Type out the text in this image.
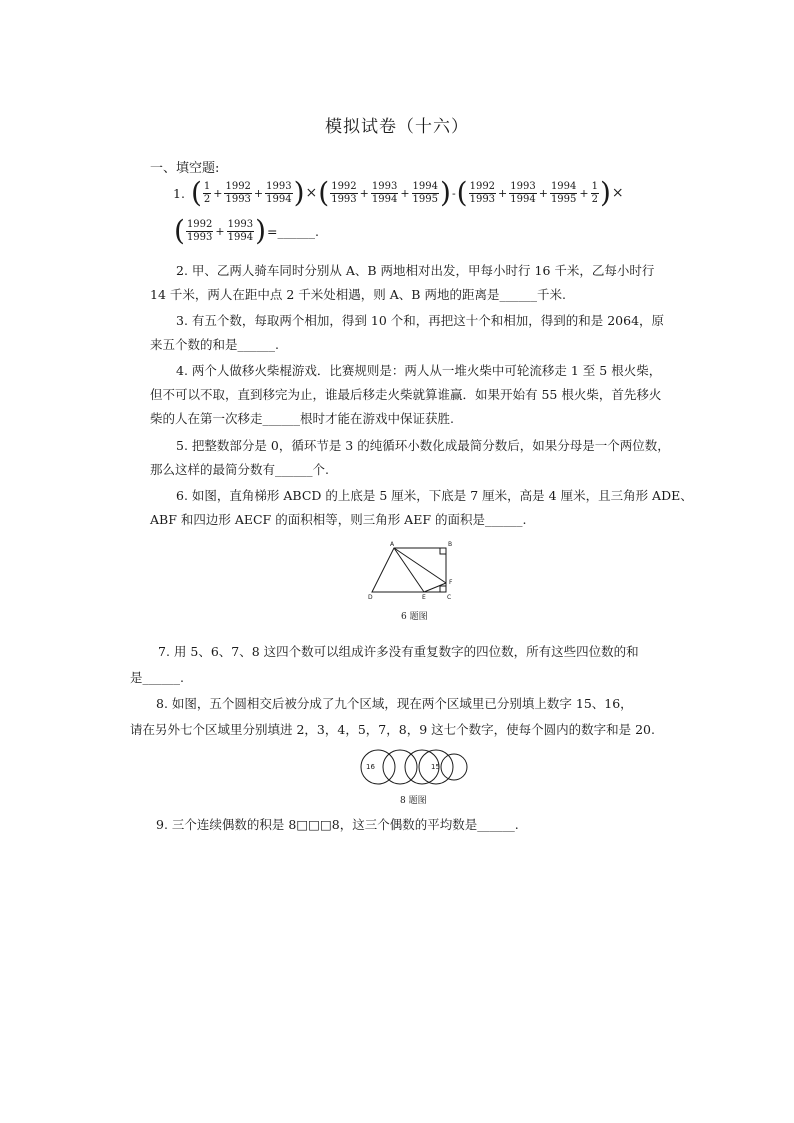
模拟试卷（十六）
一、填空题:
1. ( $\frac{1}{2} + \frac{1992}{1993} + \frac{1993}{1994}$ ) × ( $\frac{1992}{1993} + \frac{1993}{1994} + \frac{1994}{1995}$ ) - ( $\frac{1992}{1993} + \frac{1993}{1994} + \frac{1994}{1995} + \frac{1}{2}$ ) ×
( $\frac{1992}{1993} + \frac{1993}{1994}$ ) =______.
2. 甲、乙两人骑车同时分别从 A、B 两地相对出发，甲每小时行 16 千米，乙每小时行
14 千米，两人在距中点 2 千米处相遇，则 A、B 两地的距离是______千米.
3. 有五个数，每取两个相加，得到 10 个和，再把这十个和相加，得到的和是 2064，原
来五个数的和是______.
4. 两个人做移火柴棍游戏．比赛规则是：两人从一堆火柴中可轮流移走 1 至 5 根火柴，
但不可以不取，直到移完为止，谁最后移走火柴就算谁赢．如果开始有 55 根火柴，首先移火
柴的人在第一次移走______根时才能在游戏中保证获胜.
5. 把整数部分是 0，循环节是 3 的纯循环小数化成最简分数后，如果分母是一个两位数，
那么这样的最简分数有______个.
6. 如图，直角梯形 ABCD 的上底是 5 厘米，下底是 7 厘米，高是 4 厘米，且三角形 ADE、
ABF 和四边形 AECF 的面积相等，则三角形 AEF 的面积是______.
A	B
C
D	E
F
6 题图
7. 用 5、6、7、8 这四个数可以组成许多没有重复数字的四位数，所有这些四位数的和
是______.
8. 如图，五个圆相交后被分成了九个区域，现在两个区域里已分别填上数字 15、16，
请在另外七个区域里分别填进 2，3，4，5，7，8，9 这七个数字，使每个圆内的数字和是 20.
16	15
8 题图
9. 三个连续偶数的积是 8□□□8，这三个偶数的平均数是______.
